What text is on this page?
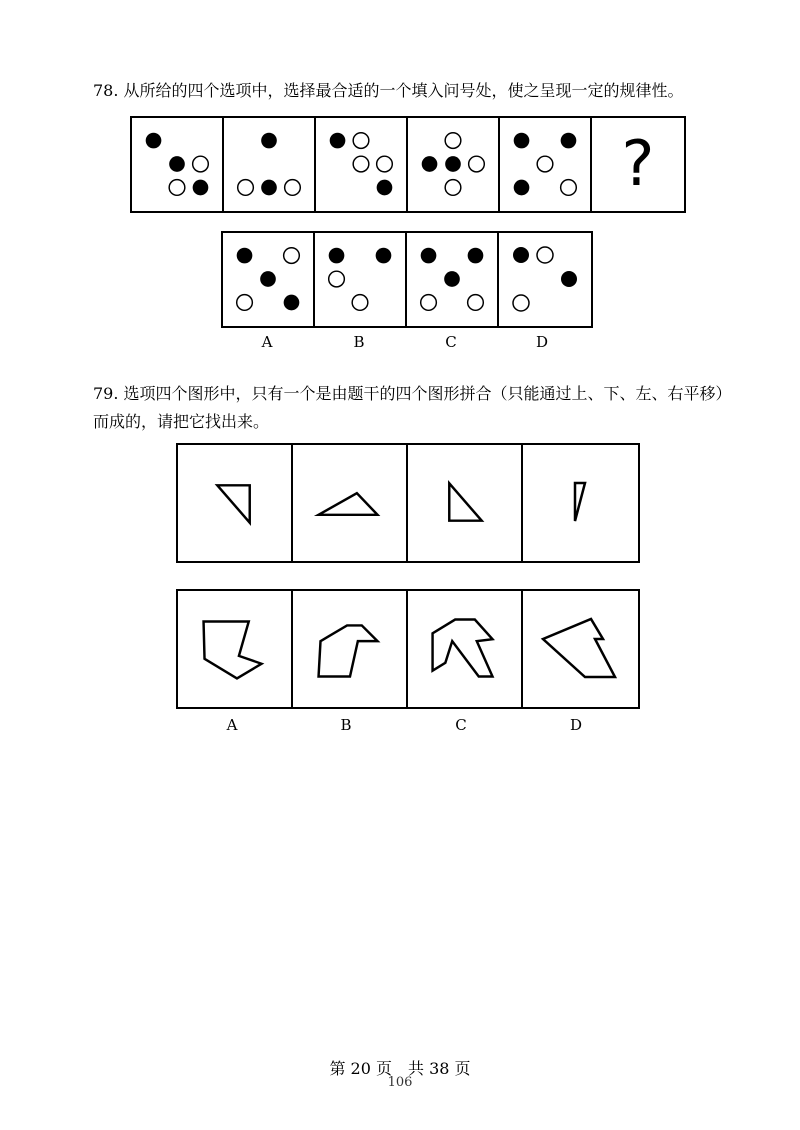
78. 从所给的四个选项中，选择最合适的一个填入问号处，使之呈现一定的规律性。

?
A	B	C	D

79. 选项四个图形中，只有一个是由题干的四个图形拼合（只能通过上、下、左、右平移）而成的，请把它找出来。

A	B	C	D
第 20 页　共 38 页
106
